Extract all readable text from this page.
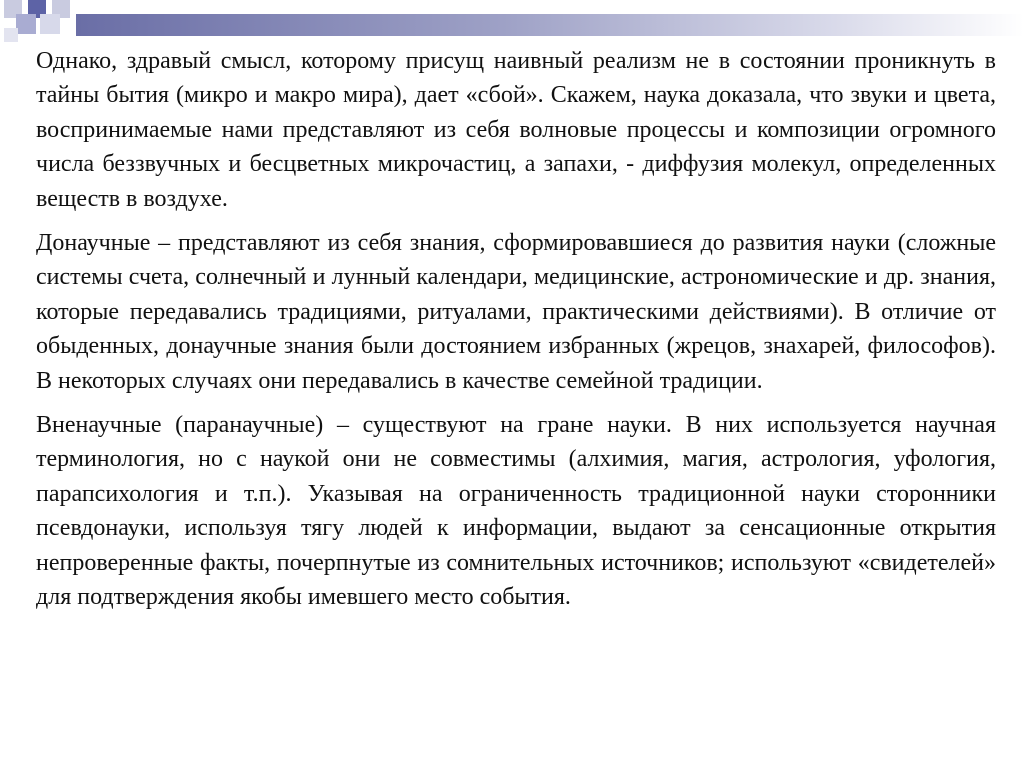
Однако, здравый смысл, которому присущ наивный реализм не в состоянии проникнуть в тайны бытия (микро и макро мира), дает «сбой». Скажем, наука доказала, что звуки и цвета, воспринимаемые нами представляют из себя волновые процессы и композиции огромного числа беззвучных и бесцветных микрочастиц, а запахи, - диффузия молекул, определенных веществ в воздухе.

Донаучные – представляют из себя знания, сформировавшиеся до развития науки (сложные системы счета, солнечный и лунный календари, медицинские, астрономические и др. знания, которые передавались традициями, ритуалами, практическими действиями). В отличие от обыденных, донаучные знания были достоянием избранных (жрецов, знахарей, философов). В некоторых случаях они передавались в качестве семейной традиции.

Вненаучные (паранаучные) – существуют на гране науки. В них используется научная терминология, но с наукой они не совместимы (алхимия, магия, астрология, уфология, парапсихология и т.п.). Указывая на ограниченность традиционной науки сторонники псевдонауки, используя тягу людей к информации, выдают за сенсационные открытия непроверенные факты, почерпнутые из сомнительных источников; используют «свидетелей» для подтверждения якобы имевшего место события.
